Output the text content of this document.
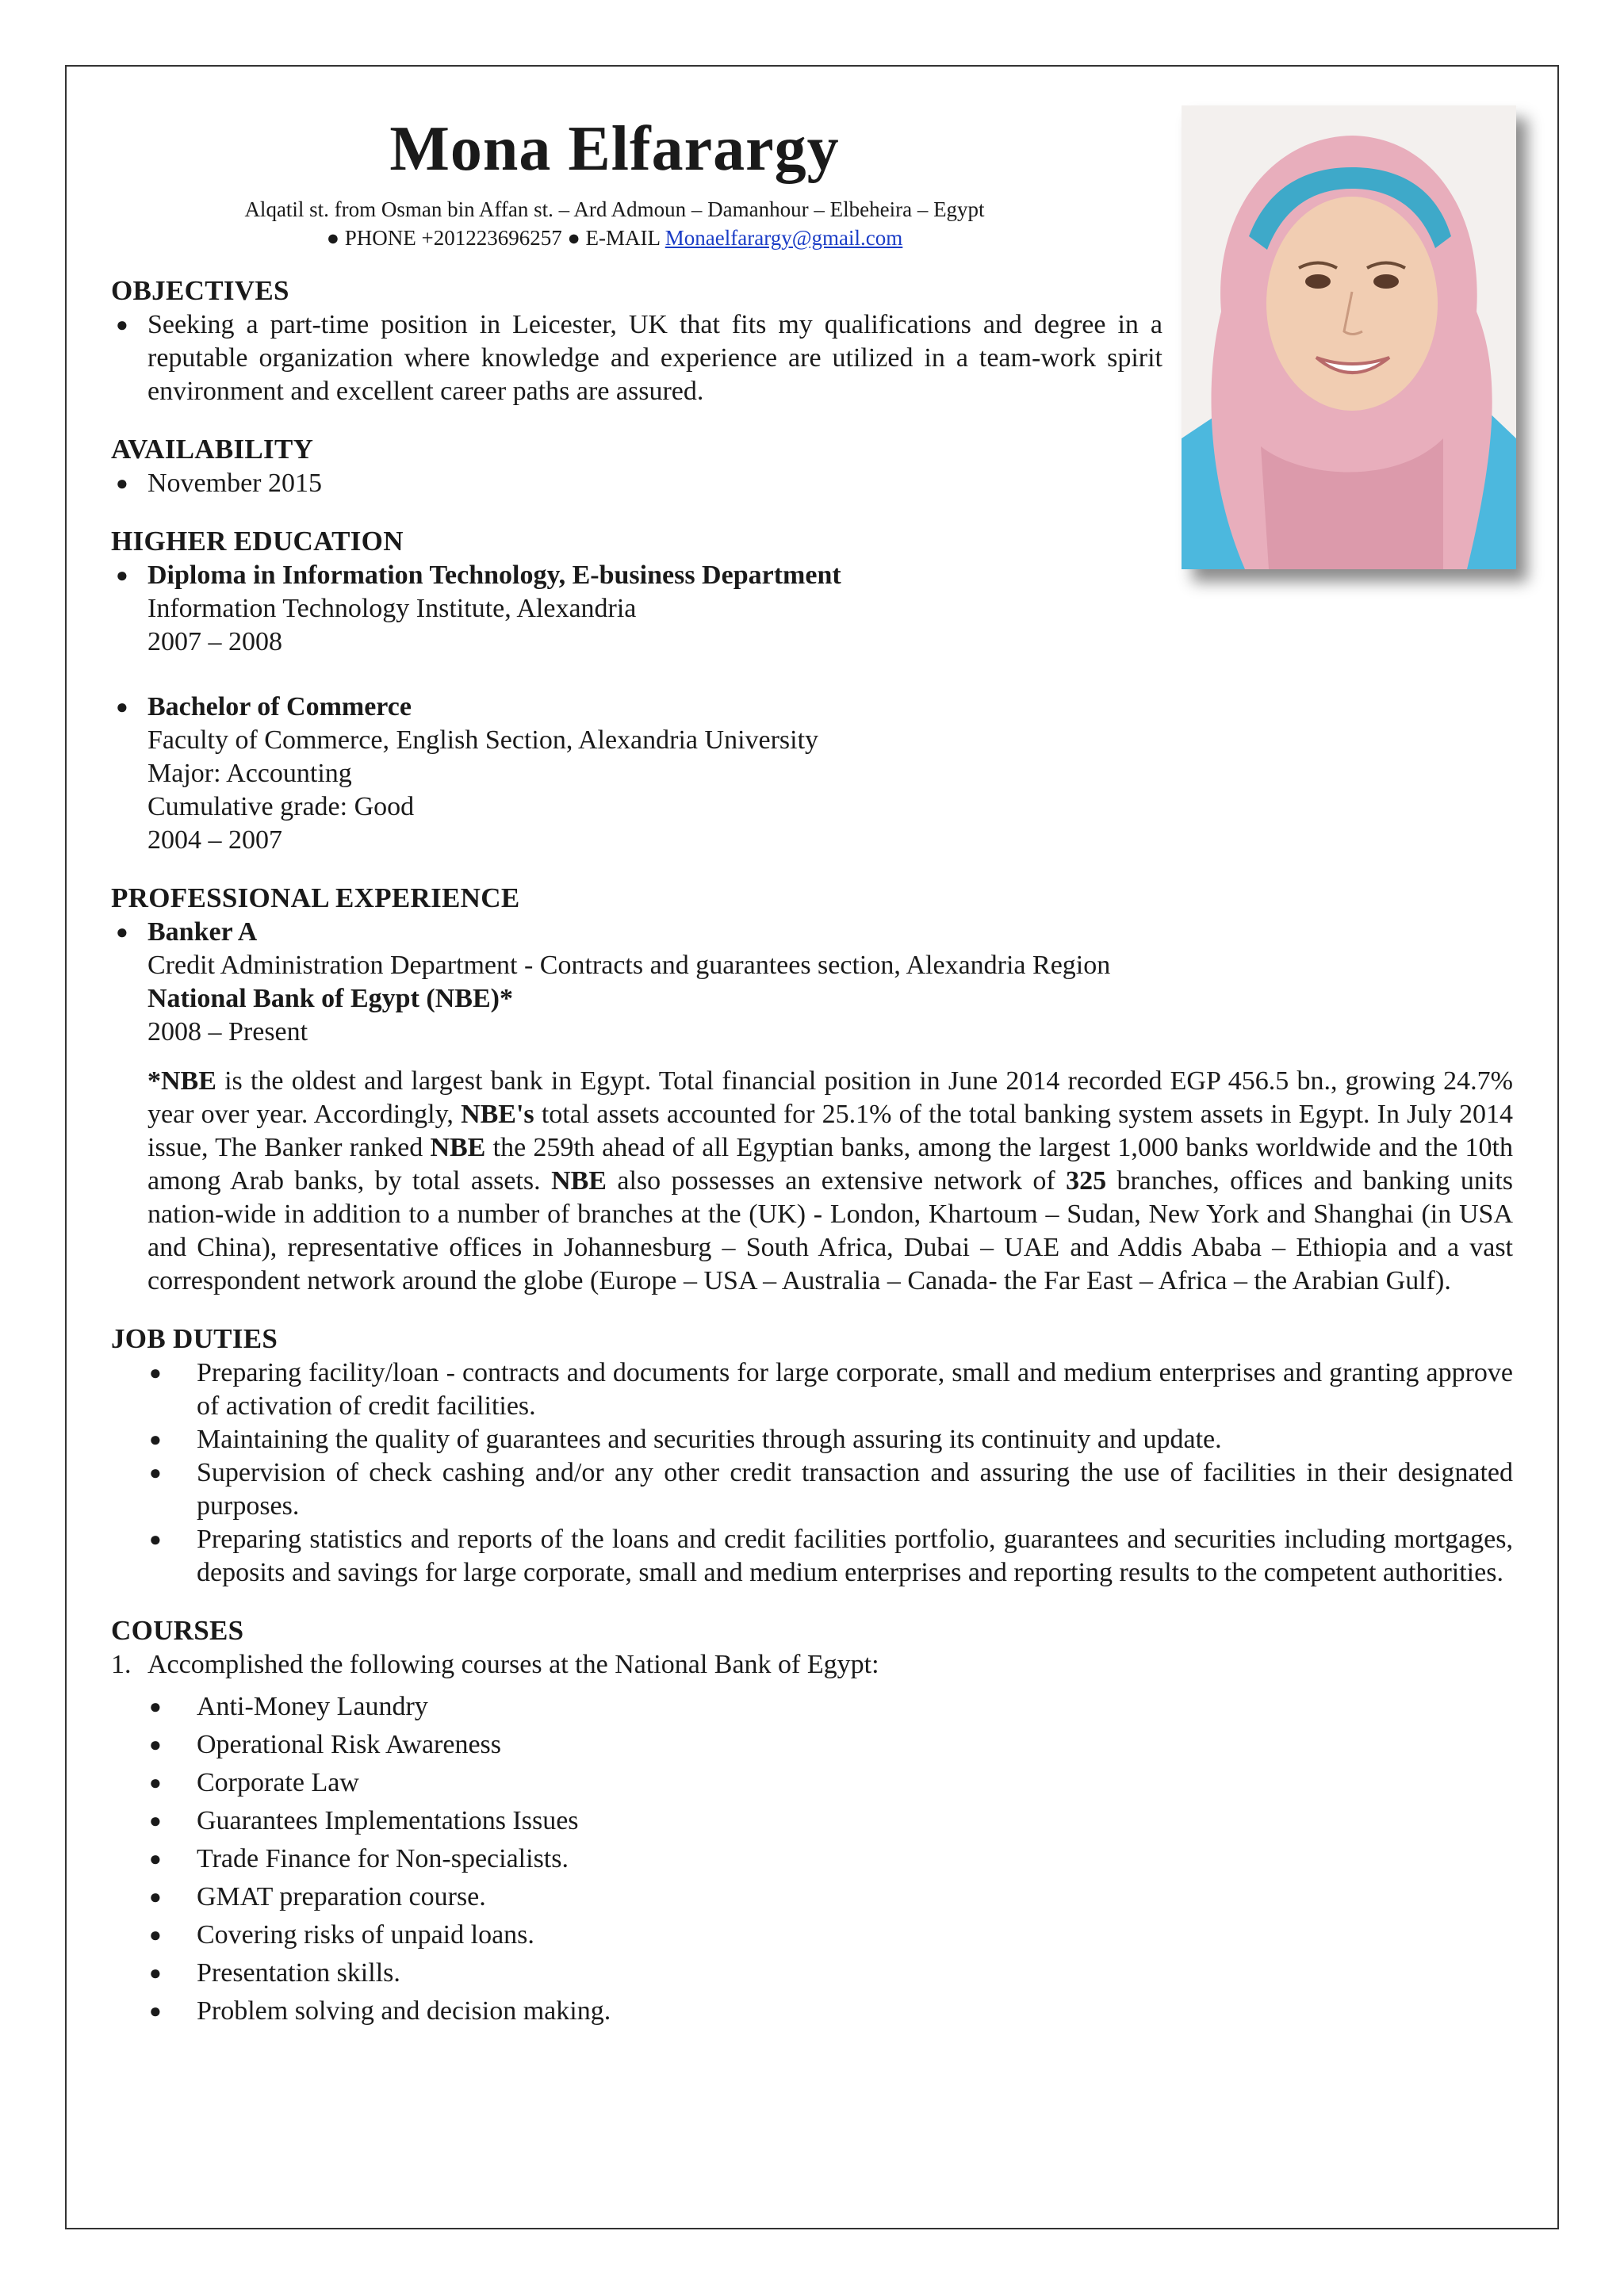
Mona Elfarargy
Alqatil st. from Osman bin Affan st. – Ard Admoun – Damanhour – Elbeheira – Egypt
● PHONE +201223696257 ● E-MAIL Monaelfarargy@gmail.com
OBJECTIVES
● Seeking a part-time position in Leicester, UK that fits my qualifications and degree in a reputable organization where knowledge and experience are utilized in a team-work spirit environment and excellent career paths are assured.
AVAILABILITY
● November 2015
HIGHER EDUCATION
● Diploma in Information Technology, E-business Department
Information Technology Institute, Alexandria
2007 – 2008
● Bachelor of Commerce
Faculty of Commerce, English Section, Alexandria University
Major: Accounting
Cumulative grade: Good
2004 – 2007
PROFESSIONAL EXPERIENCE
● Banker A
Credit Administration Department - Contracts and guarantees section, Alexandria Region
National Bank of Egypt (NBE)*
2008 – Present
*NBE is the oldest and largest bank in Egypt. Total financial position in June 2014 recorded EGP 456.5 bn., growing 24.7% year over year. Accordingly, NBE's total assets accounted for 25.1% of the total banking system assets in Egypt. In July 2014 issue, The Banker ranked NBE the 259th ahead of all Egyptian banks, among the largest 1,000 banks worldwide and the 10th among Arab banks, by total assets. NBE also possesses an extensive network of 325 branches, offices and banking units nation-wide in addition to a number of branches at the (UK) - London, Khartoum – Sudan, New York and Shanghai (in USA and China), representative offices in Johannesburg – South Africa, Dubai – UAE and Addis Ababa – Ethiopia and a vast correspondent network around the globe (Europe – USA – Australia – Canada- the Far East – Africa – the Arabian Gulf).
JOB DUTIES
● Preparing facility/loan - contracts and documents for large corporate, small and medium enterprises and granting approve of activation of credit facilities.
● Maintaining the quality of guarantees and securities through assuring its continuity and update.
● Supervision of check cashing and/or any other credit transaction and assuring the use of facilities in their designated purposes.
● Preparing statistics and reports of the loans and credit facilities portfolio, guarantees and securities including mortgages, deposits and savings for large corporate, small and medium enterprises and reporting results to the competent authorities.
COURSES
1. Accomplished the following courses at the National Bank of Egypt:
● Anti-Money Laundry
● Operational Risk Awareness
● Corporate Law
● Guarantees Implementations Issues
● Trade Finance for Non-specialists.
● GMAT preparation course.
● Covering risks of unpaid loans.
● Presentation skills.
● Problem solving and decision making.
